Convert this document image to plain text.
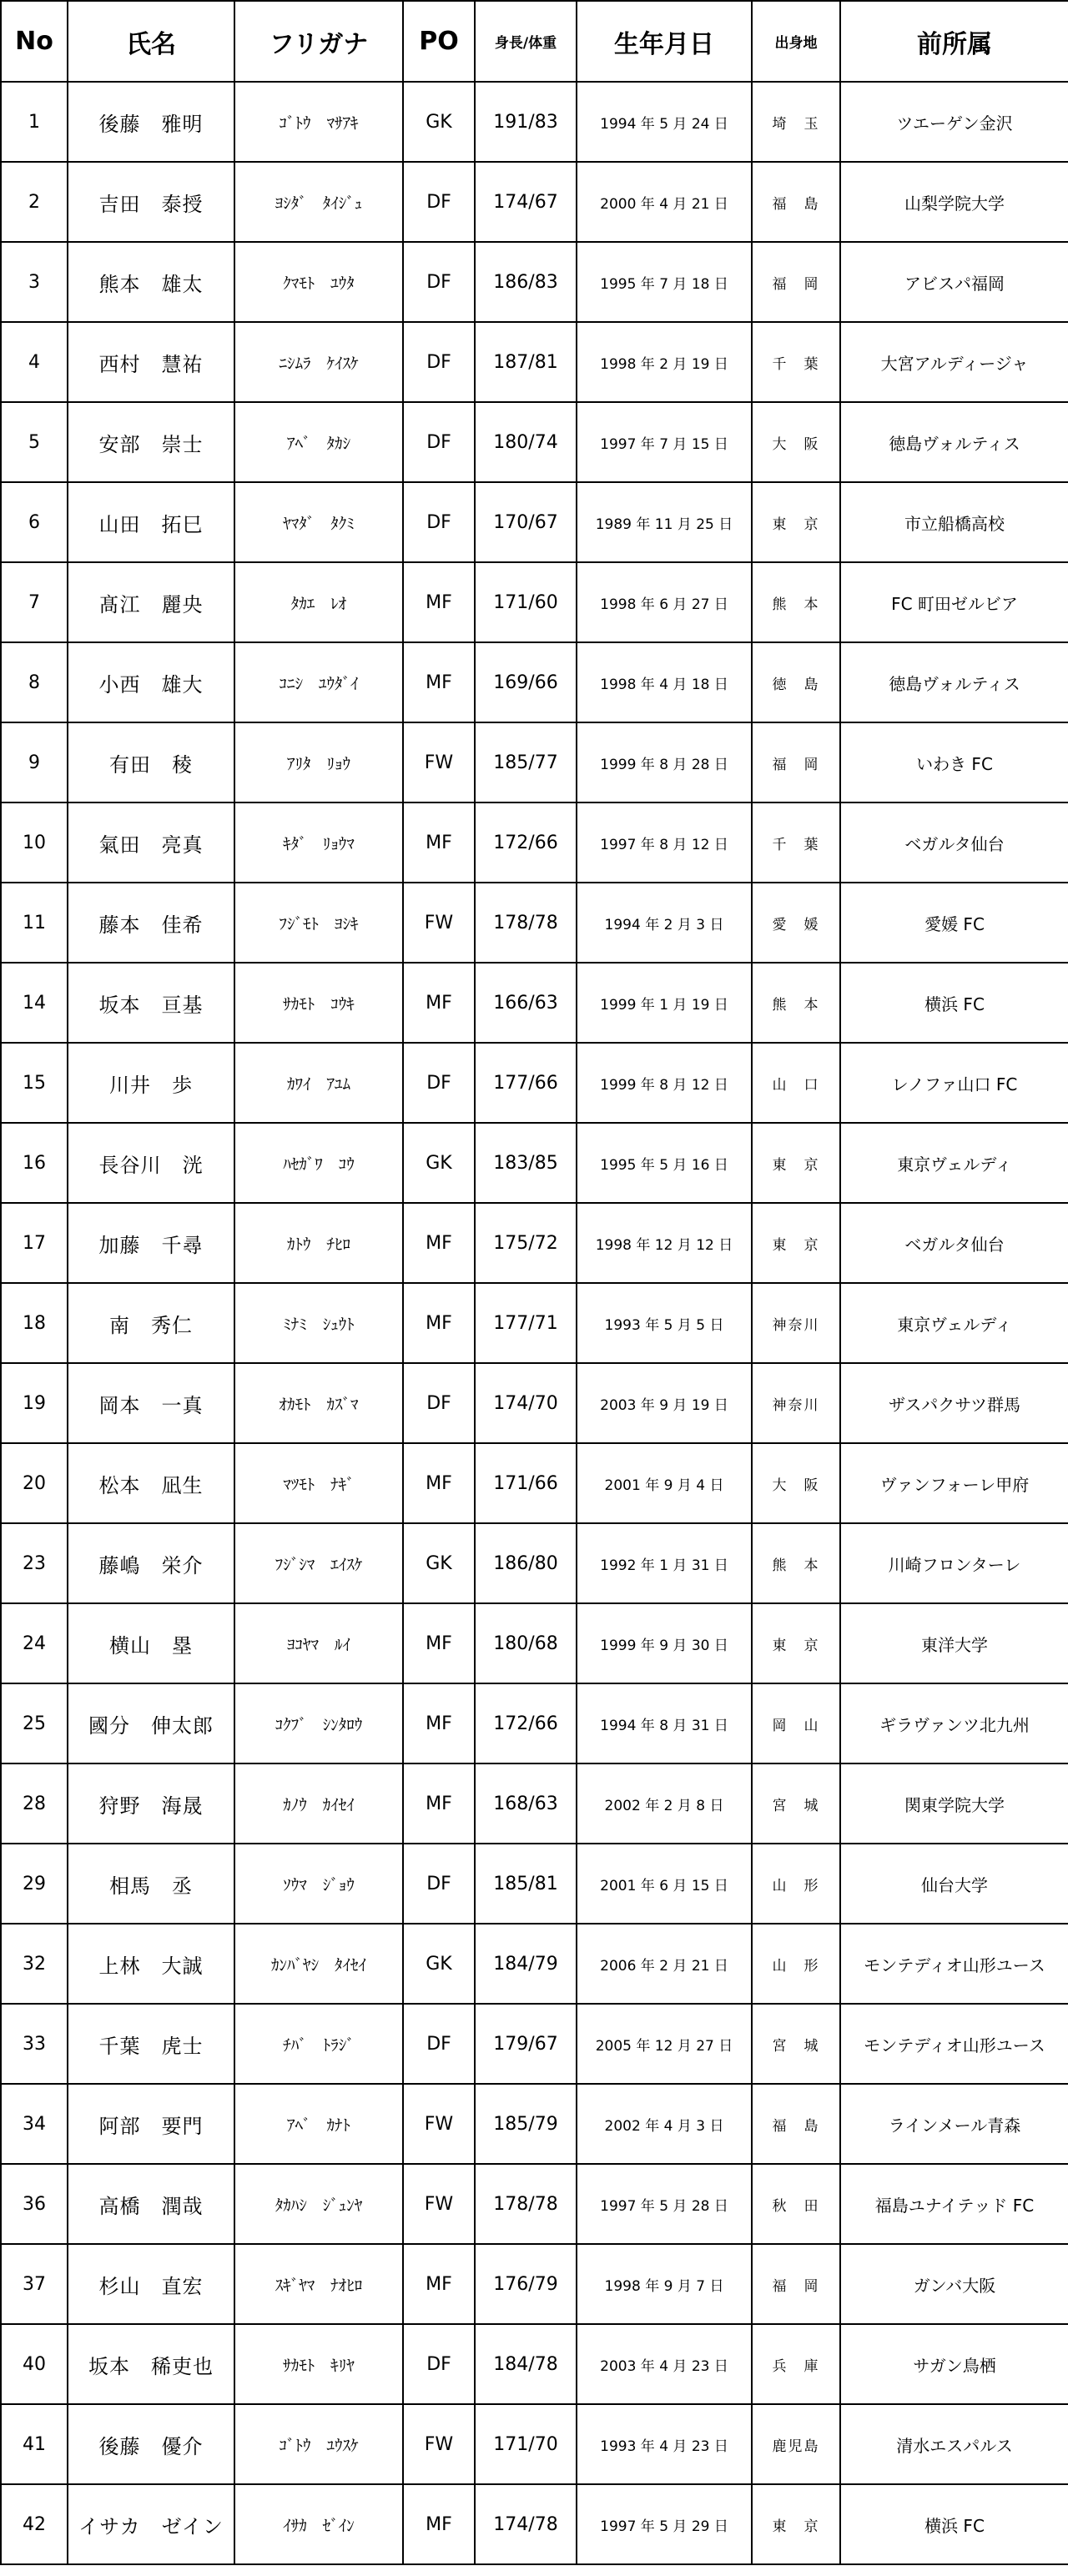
No	氏名	フリガナ	PO	身長/体重	生年月日	出身地	前所属
1	後藤　雅明	ｺﾞﾄｳ　ﾏｻｱｷ	GK	191/83	1994 年 5 月 24 日	埼　玉	ツエーゲン金沢
2	吉田　泰授	ﾖｼﾀﾞ　ﾀｲｼﾞｭ	DF	174/67	2000 年 4 月 21 日	福　島	山梨学院大学
3	熊本　雄太	ｸﾏﾓﾄ　ﾕｳﾀ	DF	186/83	1995 年 7 月 18 日	福　岡	アビスパ福岡
4	西村　慧祐	ﾆｼﾑﾗ　ｹｲｽｹ	DF	187/81	1998 年 2 月 19 日	千　葉	大宮アルディージャ
5	安部　崇士	ｱﾍﾞ　ﾀｶｼ	DF	180/74	1997 年 7 月 15 日	大　阪	徳島ヴォルティス
6	山田　拓巳	ﾔﾏﾀﾞ　ﾀｸﾐ	DF	170/67	1989 年 11 月 25 日	東　京	市立船橋高校
7	髙江　麗央	ﾀｶｴ　ﾚｵ	MF	171/60	1998 年 6 月 27 日	熊　本	FC 町田ゼルビア
8	小西　雄大	ｺﾆｼ　ﾕｳﾀﾞｲ	MF	169/66	1998 年 4 月 18 日	徳　島	徳島ヴォルティス
9	有田　稜	ｱﾘﾀ　ﾘｮｳ	FW	185/77	1999 年 8 月 28 日	福　岡	いわき FC
10	氣田　亮真	ｷﾀﾞ　ﾘｮｳﾏ	MF	172/66	1997 年 8 月 12 日	千　葉	ベガルタ仙台
11	藤本　佳希	ﾌｼﾞﾓﾄ　ﾖｼｷ	FW	178/78	1994 年 2 月 3 日	愛　媛	愛媛 FC
14	坂本　亘基	ｻｶﾓﾄ　ｺｳｷ	MF	166/63	1999 年 1 月 19 日	熊　本	横浜 FC
15	川井　歩	ｶﾜｲ　ｱﾕﾑ	DF	177/66	1999 年 8 月 12 日	山　口	レノファ山口 FC
16	長谷川　洸	ﾊｾｶﾞﾜ　ｺｳ	GK	183/85	1995 年 5 月 16 日	東　京	東京ヴェルディ
17	加藤　千尋	ｶﾄｳ　ﾁﾋﾛ	MF	175/72	1998 年 12 月 12 日	東　京	ベガルタ仙台
18	南　秀仁	ﾐﾅﾐ　ｼｭｳﾄ	MF	177/71	1993 年 5 月 5 日	神奈川	東京ヴェルディ
19	岡本　一真	ｵｶﾓﾄ　ｶｽﾞﾏ	DF	174/70	2003 年 9 月 19 日	神奈川	ザスパクサツ群馬
20	松本　凪生	ﾏﾂﾓﾄ　ﾅｷﾞ	MF	171/66	2001 年 9 月 4 日	大　阪	ヴァンフォーレ甲府
23	藤嶋　栄介	ﾌｼﾞｼﾏ　ｴｲｽｹ	GK	186/80	1992 年 1 月 31 日	熊　本	川崎フロンターレ
24	横山　塁	ﾖｺﾔﾏ　ﾙｲ	MF	180/68	1999 年 9 月 30 日	東　京	東洋大学
25	國分　伸太郎	ｺｸﾌﾞ　ｼﾝﾀﾛｳ	MF	172/66	1994 年 8 月 31 日	岡　山	ギラヴァンツ北九州
28	狩野　海晟	ｶﾉｳ　ｶｲｾｲ	MF	168/63	2002 年 2 月 8 日	宮　城	関東学院大学
29	相馬　丞	ｿｳﾏ　ｼﾞｮｳ	DF	185/81	2001 年 6 月 15 日	山　形	仙台大学
32	上林　大誠	ｶﾝﾊﾞﾔｼ　ﾀｲｾｲ	GK	184/79	2006 年 2 月 21 日	山　形	モンテディオ山形ユース
33	千葉　虎士	ﾁﾊﾞ　ﾄﾗｼﾞ	DF	179/67	2005 年 12 月 27 日	宮　城	モンテディオ山形ユース
34	阿部　要門	ｱﾍﾞ　ｶﾅﾄ	FW	185/79	2002 年 4 月 3 日	福　島	ラインメール青森
36	高橋　潤哉	ﾀｶﾊｼ　ｼﾞｭﾝﾔ	FW	178/78	1997 年 5 月 28 日	秋　田	福島ユナイテッド FC
37	杉山　直宏	ｽｷﾞﾔﾏ　ﾅｵﾋﾛ	MF	176/79	1998 年 9 月 7 日	福　岡	ガンバ大阪
40	坂本　稀吏也	ｻｶﾓﾄ　ｷﾘﾔ	DF	184/78	2003 年 4 月 23 日	兵　庫	サガン鳥栖
41	後藤　優介	ｺﾞﾄｳ　ﾕｳｽｹ	FW	171/70	1993 年 4 月 23 日	鹿児島	清水エスパルス
42	イサカ　ゼイン	ｲｻｶ　ｾﾞｲﾝ	MF	174/78	1997 年 5 月 29 日	東　京	横浜 FC
